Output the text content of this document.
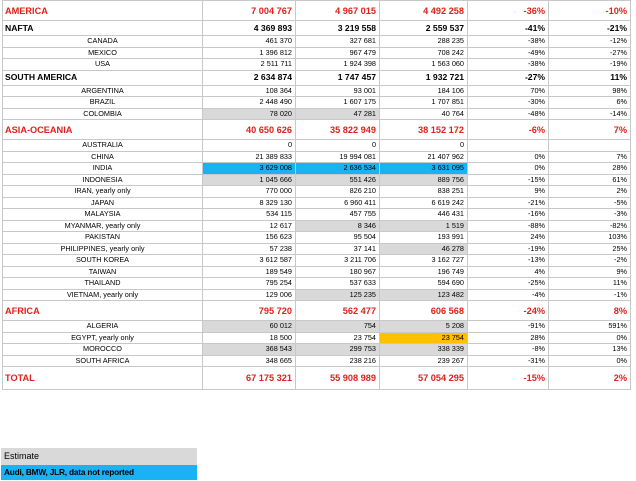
AMERICA	7 004 767	4 967 015	4 492 258	-36%	-10%
NAFTA	4 369 893	3 219 558	2 559 537	-41%	-21%
CANADA	461 370	327 681	288 235	-38%	-12%
MEXICO	1 396 812	967 479	708 242	-49%	-27%
USA	2 511 711	1 924 398	1 563 060	-38%	-19%
SOUTH AMERICA	2 634 874	1 747 457	1 932 721	-27%	11%
ARGENTINA	108 364	93 001	184 106	70%	98%
BRAZIL	2 448 490	1 607 175	1 707 851	-30%	6%
COLOMBIA	78 020	47 281	40 764	-48%	-14%
ASIA-OCEANIA	40 650 626	35 822 949	38 152 172	-6%	7%
AUSTRALIA	0	0	0		
CHINA	21 389 833	19 994 081	21 407 962	0%	7%
INDIA	3 629 008	2 636 534	3 631 095	0%	28%
INDONESIA	1 045 666	551 426	889 756	-15%	61%
IRAN, yearly only	770 000	826 210	838 251	9%	2%
JAPAN	8 329 130	6 960 411	6 619 242	-21%	-5%
MALAYSIA	534 115	457 755	446 431	-16%	-3%
MYANMAR, yearly only	12 617	8 346	1 519	-88%	-82%
PAKISTAN	156 623	95 504	193 991	24%	103%
PHILIPPINES, yearly only	57 238	37 141	46 278	-19%	25%
SOUTH KOREA	3 612 587	3 211 706	3 162 727	-13%	-2%
TAIWAN	189 549	180 967	196 749	4%	9%
THAILAND	795 254	537 633	594 690	-25%	11%
VIETNAM, yearly only	129 006	125 235	123 482	-4%	-1%
AFRICA	795 720	562 477	606 568	-24%	8%
ALGERIA	60 012	754	5 208	-91%	591%
EGYPT, yearly only	18 500	23 754	23 754	28%	0%
MOROCCO	368 543	299 753	338 339	-8%	13%
SOUTH AFRICA	348 665	238 216	239 267	-31%	0%
TOTAL	67 175 321	55 908 989	57 054 295	-15%	2%
Estimate
Audi, BMW, JLR, data not reported
